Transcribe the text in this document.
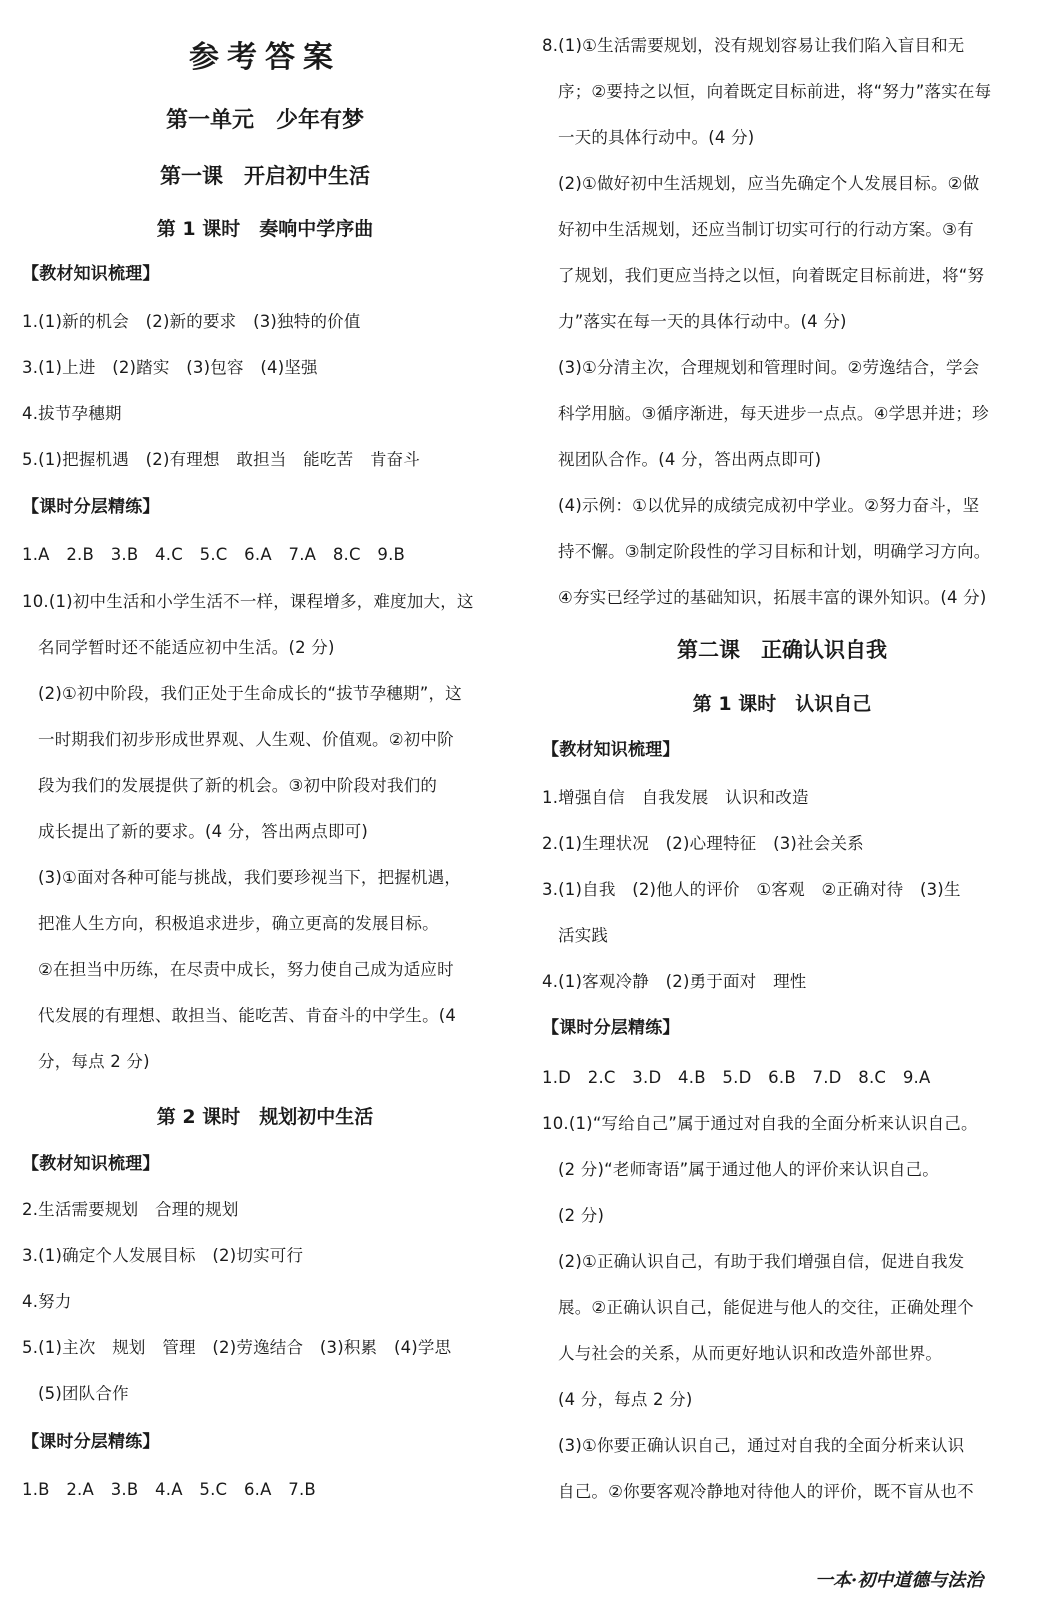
参考答案
第一单元　少年有梦
第一课　开启初中生活
第 1 课时　奏响中学序曲
【教材知识梳理】
1.(1)新的机会　(2)新的要求　(3)独特的价值
3.(1)上进　(2)踏实　(3)包容　(4)坚强
4.拔节孕穗期
5.(1)把握机遇　(2)有理想　敢担当　能吃苦　肯奋斗
【课时分层精练】
1.A　2.B　3.B　4.C　5.C　6.A　7.A　8.C　9.B
10.(1)初中生活和小学生活不一样，课程增多，难度加大，这
名同学暂时还不能适应初中生活。(2 分)
(2)①初中阶段，我们正处于生命成长的“拔节孕穗期”，这
一时期我们初步形成世界观、人生观、价值观。②初中阶
段为我们的发展提供了新的机会。③初中阶段对我们的
成长提出了新的要求。(4 分，答出两点即可)
(3)①面对各种可能与挑战，我们要珍视当下，把握机遇，
把准人生方向，积极追求进步，确立更高的发展目标。
②在担当中历练，在尽责中成长，努力使自己成为适应时
代发展的有理想、敢担当、能吃苦、肯奋斗的中学生。(4
分，每点 2 分)
第 2 课时　规划初中生活
【教材知识梳理】
2.生活需要规划　合理的规划
3.(1)确定个人发展目标　(2)切实可行
4.努力
5.(1)主次　规划　管理　(2)劳逸结合　(3)积累　(4)学思
(5)团队合作
【课时分层精练】
1.B　2.A　3.B　4.A　5.C　6.A　7.B
8.(1)①生活需要规划，没有规划容易让我们陷入盲目和无
序；②要持之以恒，向着既定目标前进，将“努力”落实在每
一天的具体行动中。(4 分)
(2)①做好初中生活规划，应当先确定个人发展目标。②做
好初中生活规划，还应当制订切实可行的行动方案。③有
了规划，我们更应当持之以恒，向着既定目标前进，将“努
力”落实在每一天的具体行动中。(4 分)
(3)①分清主次，合理规划和管理时间。②劳逸结合，学会
科学用脑。③循序渐进，每天进步一点点。④学思并进；珍
视团队合作。(4 分，答出两点即可)
(4)示例：①以优异的成绩完成初中学业。②努力奋斗，坚
持不懈。③制定阶段性的学习目标和计划，明确学习方向。
④夯实已经学过的基础知识，拓展丰富的课外知识。(4 分)
第二课　正确认识自我
第 1 课时　认识自己
【教材知识梳理】
1.增强自信　自我发展　认识和改造
2.(1)生理状况　(2)心理特征　(3)社会关系
3.(1)自我　(2)他人的评价　①客观　②正确对待　(3)生
活实践
4.(1)客观冷静　(2)勇于面对　理性
【课时分层精练】
1.D　2.C　3.D　4.B　5.D　6.B　7.D　8.C　9.A
10.(1)“写给自己”属于通过对自我的全面分析来认识自己。
(2 分)“老师寄语”属于通过他人的评价来认识自己。
(2 分)
(2)①正确认识自己，有助于我们增强自信，促进自我发
展。②正确认识自己，能促进与他人的交往，正确处理个
人与社会的关系，从而更好地认识和改造外部世界。
(4 分，每点 2 分)
(3)①你要正确认识自己，通过对自我的全面分析来认识
自己。②你要客观冷静地对待他人的评价，既不盲从也不
一本·初中道德与法治
